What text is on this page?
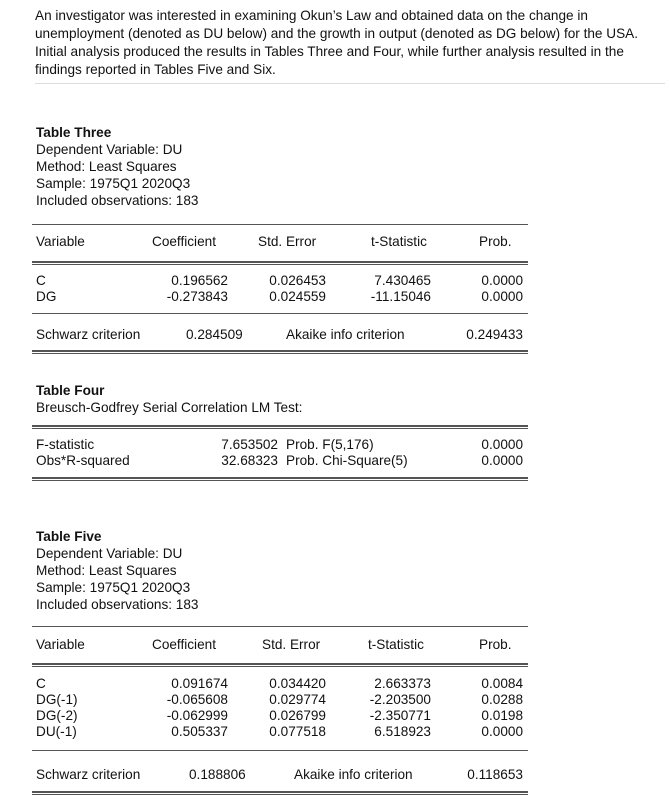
An investigator was interested in examining Okun’s Law and obtained data on the change in unemployment (denoted as DU below) and the growth in output (denoted as DG below) for the USA. Initial analysis produced the results in Tables Three and Four, while further analysis resulted in the findings reported in Tables Five and Six.
Table Three
Dependent Variable: DU
Method: Least Squares
Sample: 1975Q1 2020Q3
Included observations: 183
Variable	Coefficient	Std. Error	t-Statistic	Prob.
C	0.196562	0.026453	7.430465	0.0000
DG	-0.273843	0.024559	-11.15046	0.0000
Schwarz criterion	0.284509	Akaike info criterion	0.249433
Table Four
Breusch-Godfrey Serial Correlation LM Test:
F-statistic	7.653502 Prob. F(5,176)	0.0000
Obs*R-squared	32.68323 Prob. Chi-Square(5)	0.0000
Table Five
Dependent Variable: DU
Method: Least Squares
Sample: 1975Q1 2020Q3
Included observations: 183
Variable	Coefficient	Std. Error	t-Statistic	Prob.
C	0.091674	0.034420	2.663373	0.0084
DG(-1)	-0.065608	0.029774	-2.203500	0.0288
DG(-2)	-0.062999	0.026799	-2.350771	0.0198
DU(-1)	0.505337	0.077518	6.518923	0.0000
Schwarz criterion	0.188806	Akaike info criterion	0.118653
